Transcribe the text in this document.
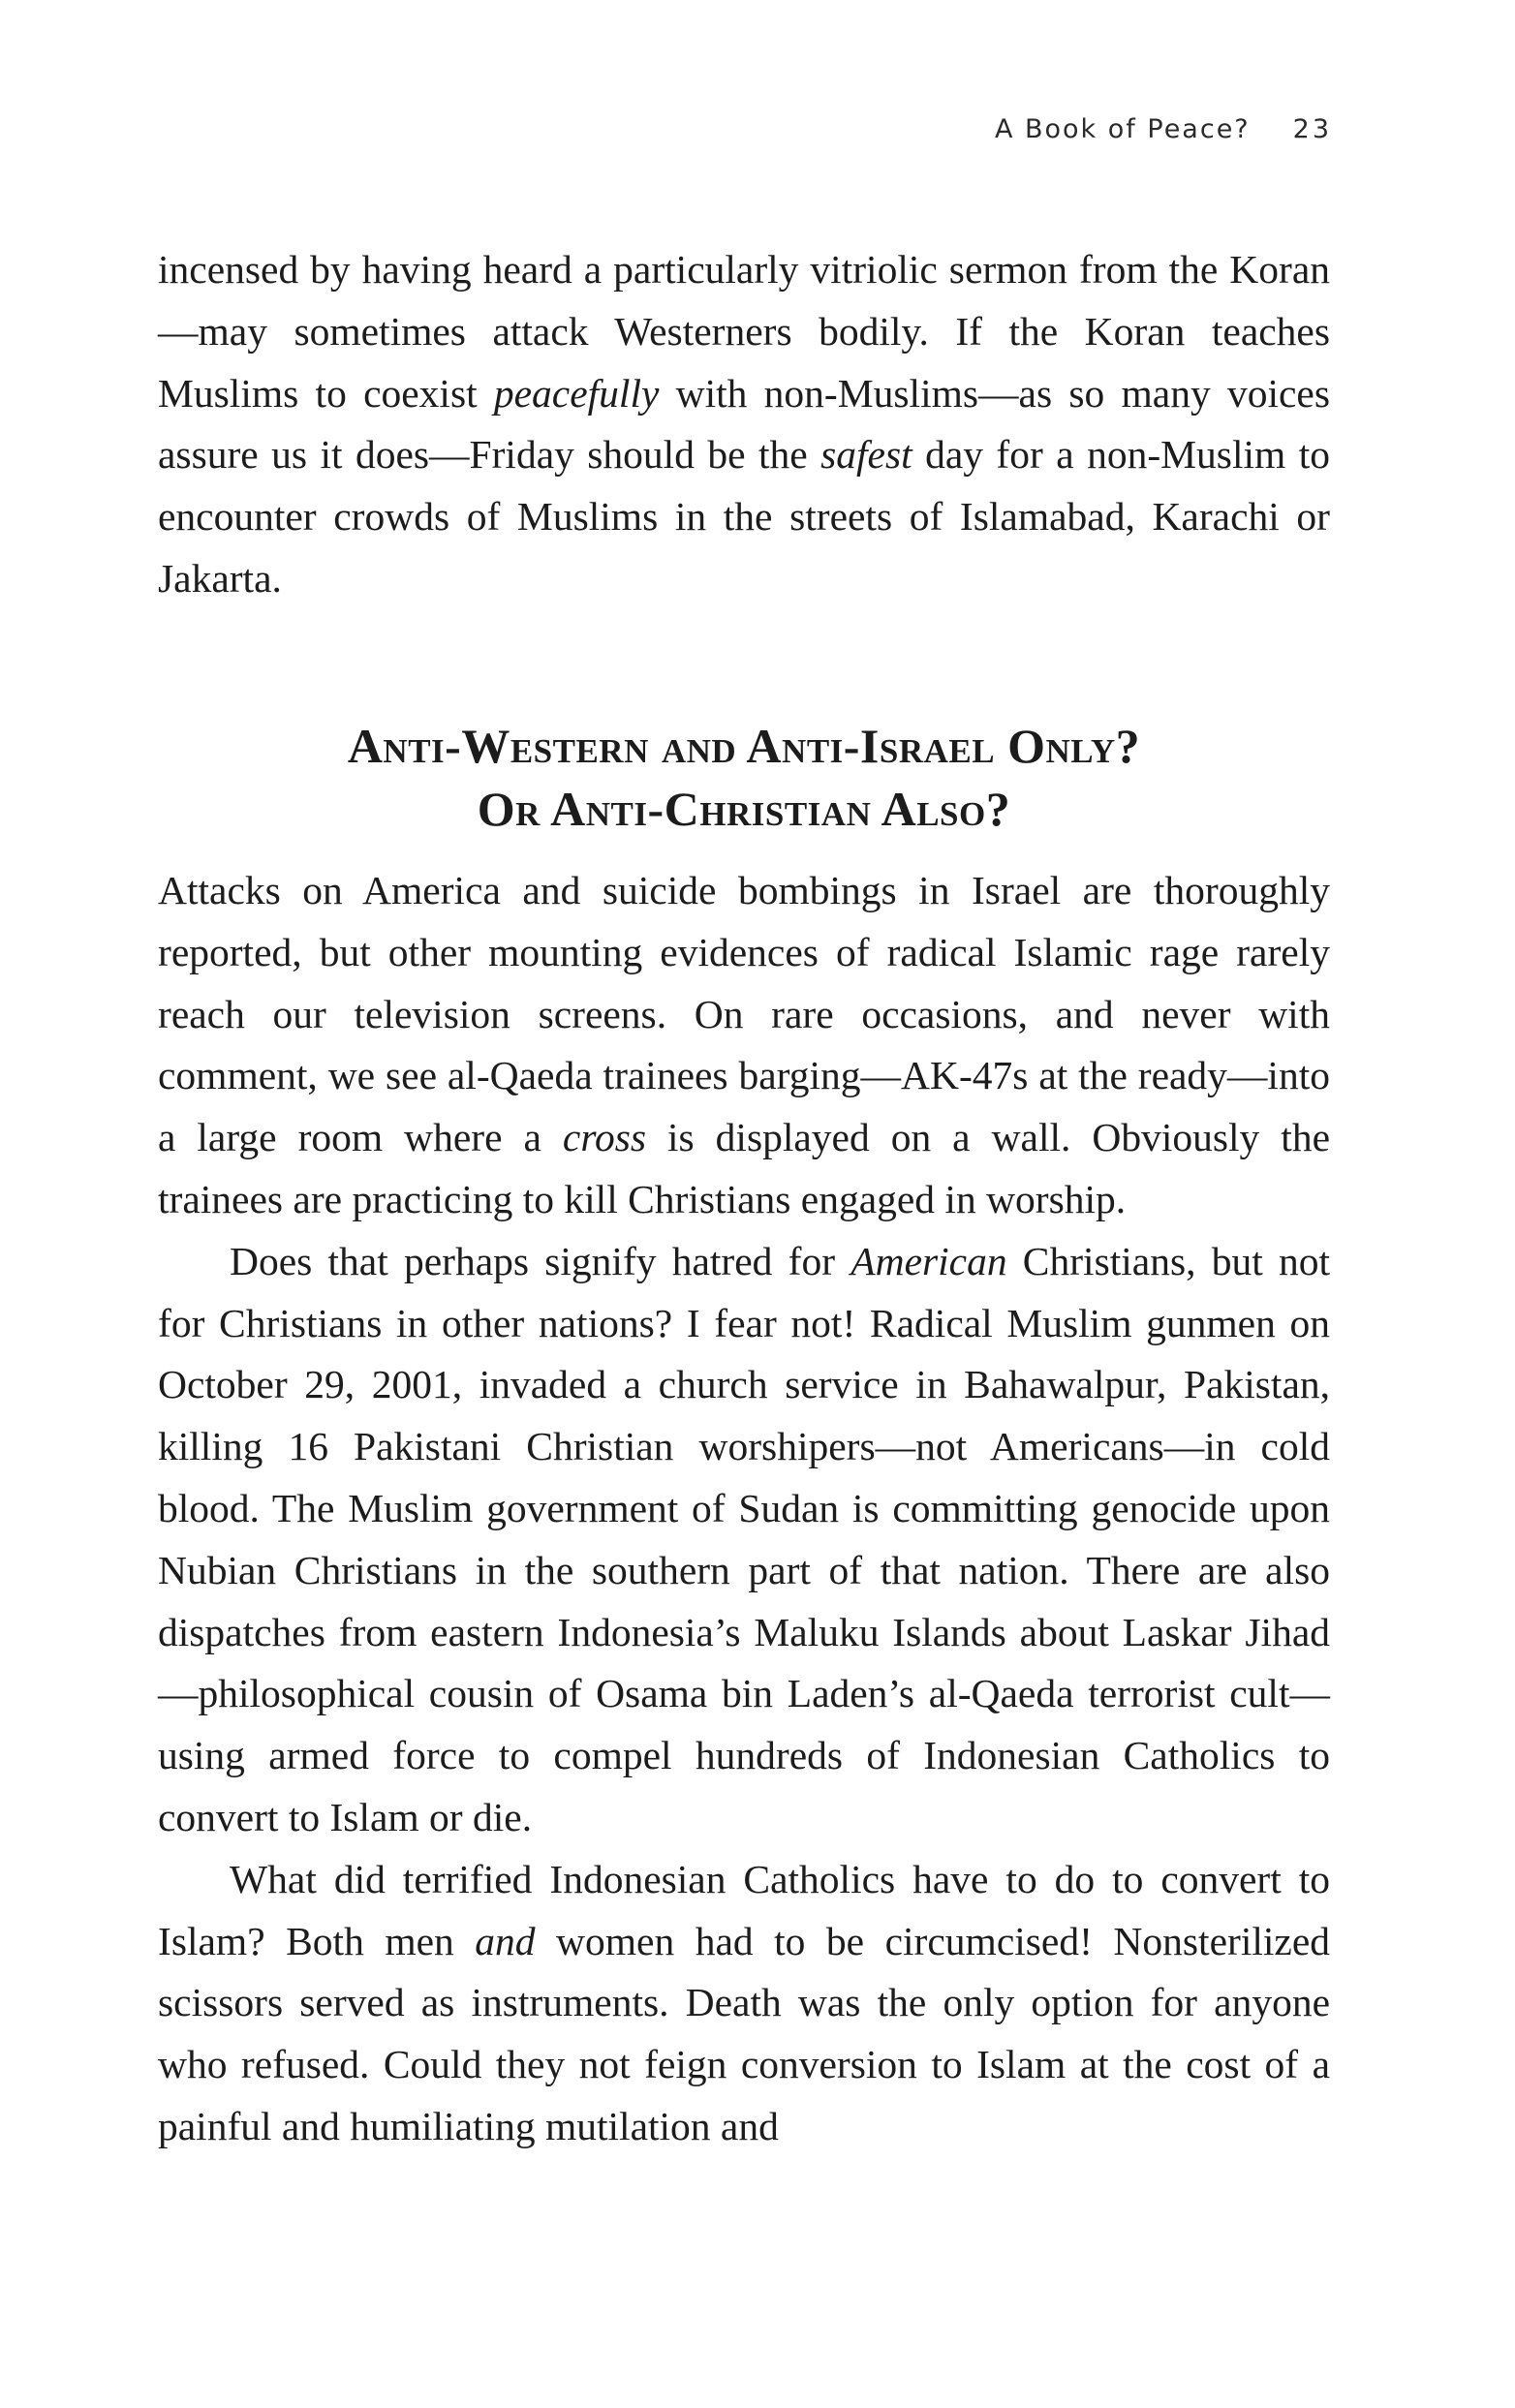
A Book of Peace? 23

incensed by having heard a particularly vitriolic sermon from the Koran—may sometimes attack Westerners bodily. If the Koran teaches Muslims to coexist peacefully with non-Muslims—as so many voices assure us it does—Friday should be the safest day for a non-Muslim to encounter crowds of Muslims in the streets of Islamabad, Karachi or Jakarta.

Anti-Western and Anti-Israel Only?
Or Anti-Christian Also?

Attacks on America and suicide bombings in Israel are thoroughly reported, but other mounting evidences of radical Islamic rage rarely reach our television screens. On rare occasions, and never with comment, we see al-Qaeda trainees barging—AK-47s at the ready—into a large room where a cross is displayed on a wall. Obviously the trainees are practicing to kill Christians engaged in worship.

Does that perhaps signify hatred for American Christians, but not for Christians in other nations? I fear not! Radical Muslim gunmen on October 29, 2001, invaded a church service in Bahawalpur, Pakistan, killing 16 Pakistani Christian worshipers—not Americans—in cold blood. The Muslim government of Sudan is committing genocide upon Nubian Christians in the southern part of that nation. There are also dispatches from eastern Indonesia’s Maluku Islands about Laskar Jihad—philosophical cousin of Osama bin Laden’s al-Qaeda terrorist cult—using armed force to compel hundreds of Indonesian Catholics to convert to Islam or die.

What did terrified Indonesian Catholics have to do to convert to Islam? Both men and women had to be circumcised! Nonsterilized scissors served as instruments. Death was the only option for anyone who refused. Could they not feign conversion to Islam at the cost of a painful and humiliating mutilation and
